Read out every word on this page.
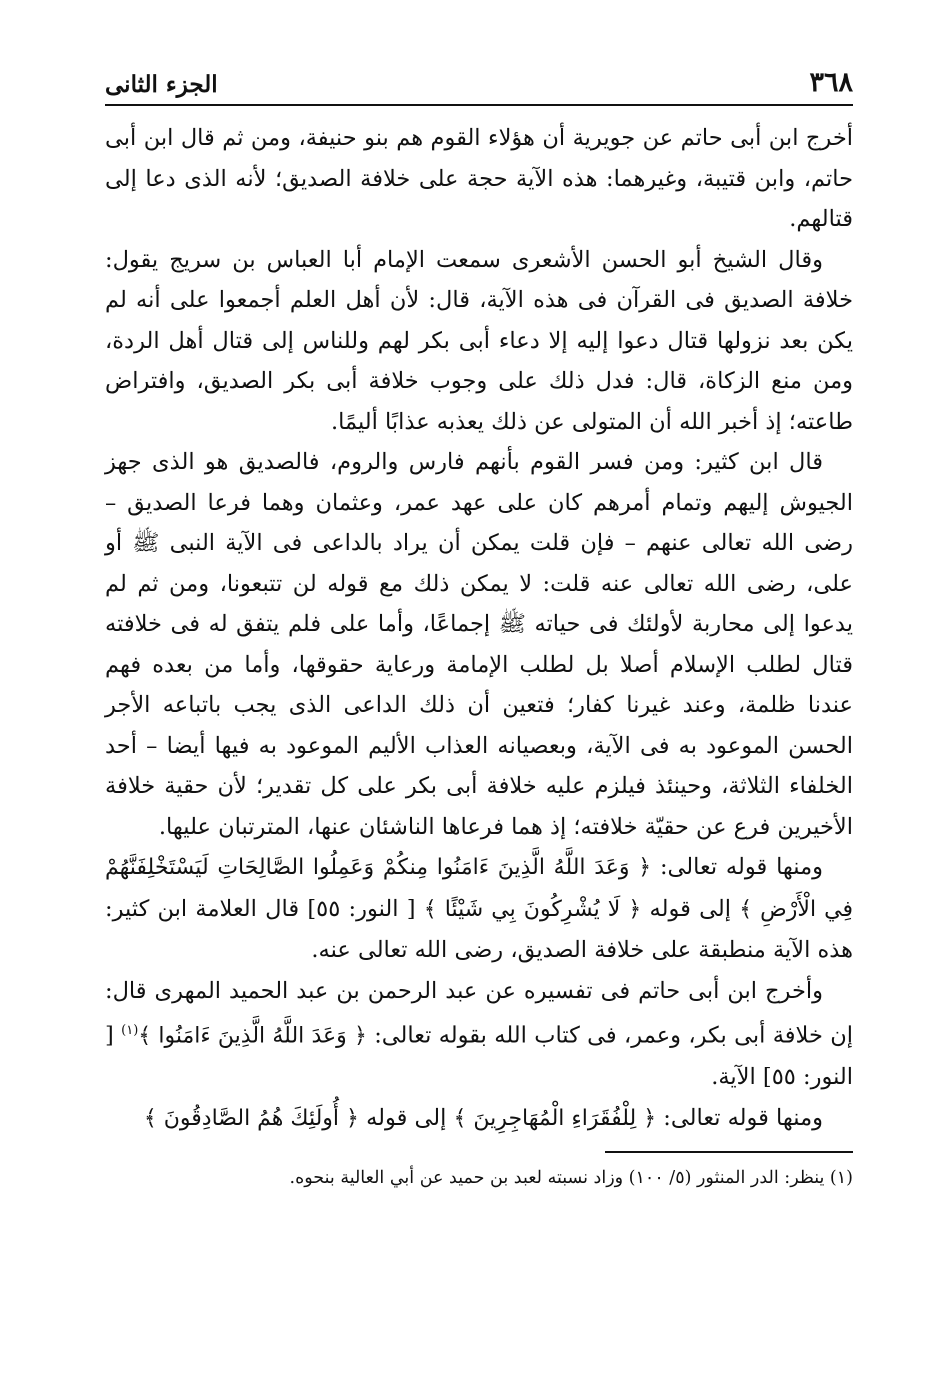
٣٦٨
الجزء الثانى

أخرج ابن أبى حاتم عن جويرية أن هؤلاء القوم هم بنو حنيفة، ومن ثم قال ابن أبى حاتم، وابن قتيبة، وغيرهما: هذه الآية حجة على خلافة الصديق؛ لأنه الذى دعا إلى قتالهم.

وقال الشيخ أبو الحسن الأشعرى سمعت الإمام أبا العباس بن سريج يقول: خلافة الصديق فى القرآن فى هذه الآية، قال: لأن أهل العلم أجمعوا على أنه لم يكن بعد نزولها قتال دعوا إليه إلا دعاء أبى بكر لهم وللناس إلى قتال أهل الردة، ومن منع الزكاة، قال: فدل ذلك على وجوب خلافة أبى بكر الصديق، وافتراض طاعته؛ إذ أخبر الله أن المتولى عن ذلك يعذبه عذابًا أليمًا.

قال ابن كثير: ومن فسر القوم بأنهم فارس والروم، فالصديق هو الذى جهز الجيوش إليهم وتمام أمرهم كان على عهد عمر، وعثمان وهما فرعا الصديق – رضى الله تعالى عنهم – فإن قلت يمكن أن يراد بالداعى فى الآية النبى ﷺ أو على، رضى الله تعالى عنه قلت: لا يمكن ذلك مع قوله لن تتبعونا، ومن ثم لم يدعوا إلى محاربة لأولئك فى حياته ﷺ إجماعًا، وأما على فلم يتفق له فى خلافته قتال لطلب الإسلام أصلا بل لطلب الإمامة ورعاية حقوقها، وأما من بعده فهم عندنا ظلمة، وعند غيرنا كفار؛ فتعين أن ذلك الداعى الذى يجب باتباعه الأجر الحسن الموعود به فى الآية، وبعصيانه العذاب الأليم الموعود به فيها أيضا – أحد الخلفاء الثلاثة، وحينئذ فيلزم عليه خلافة أبى بكر على كل تقدير؛ لأن حقية خلافة الأخيرين فرع عن حقيّة خلافته؛ إذ هما فرعاها الناشئان عنها، المترتبان عليها.

ومنها قوله تعالى: ﴿ وَعَدَ اللَّهُ الَّذِينَ ءَامَنُوا مِنكُمْ وَعَمِلُوا الصَّالِحَاتِ لَيَسْتَخْلِفَنَّهُمْ فِي الْأَرْضِ ﴾ إلى قوله ﴿ لَا يُشْرِكُونَ بِي شَيْئًا ﴾ [ النور: ٥٥] قال العلامة ابن كثير: هذه الآية منطبقة على خلافة الصديق، رضى الله تعالى عنه.

وأخرج ابن أبى حاتم فى تفسيره عن عبد الرحمن بن عبد الحميد المهرى قال: إن خلافة أبى بكر، وعمر، فى كتاب الله بقوله تعالى: ﴿ وَعَدَ اللَّهُ الَّذِينَ ءَامَنُوا ﴾$^{(١)}$ [ النور: ٥٥] الآية.

ومنها قوله تعالى: ﴿ لِلْفُقَرَاءِ الْمُهَاجِرِينَ ﴾ إلى قوله ﴿ أُولَئِكَ هُمُ الصَّادِقُونَ ﴾

(١) ينظر: الدر المنثور (٥/ ١٠٠) وزاد نسبته لعبد بن حميد عن أبي العالية بنحوه.
